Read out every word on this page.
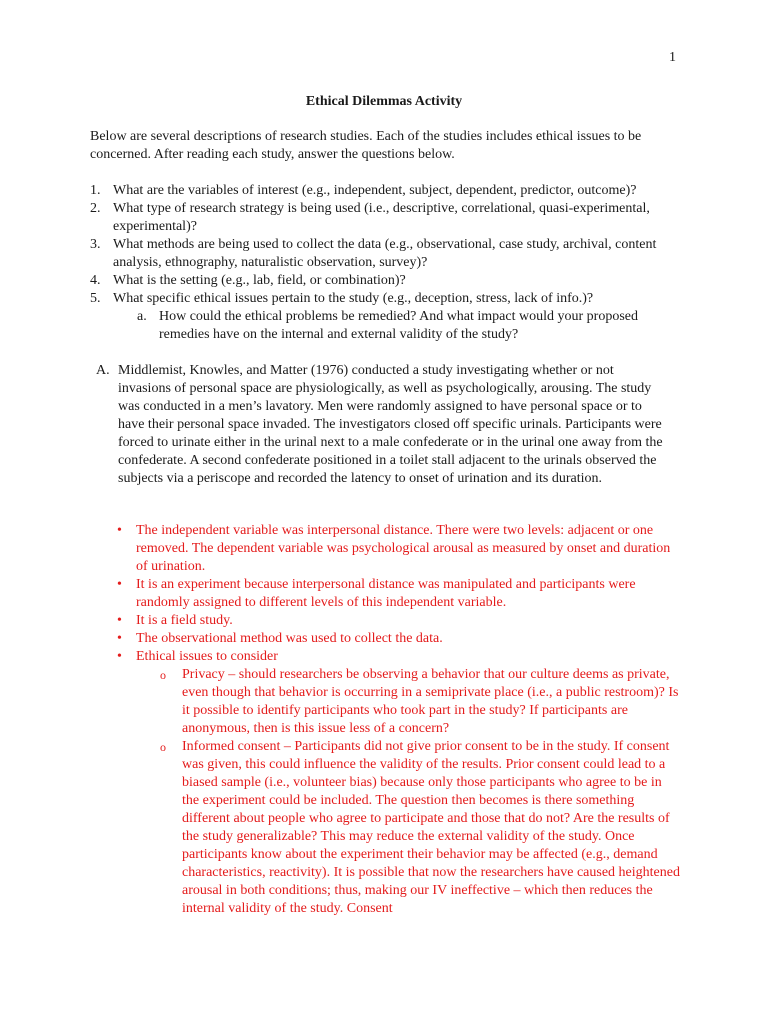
1
Ethical Dilemmas Activity

Below are several descriptions of research studies. Each of the studies includes ethical issues to be concerned. After reading each study, answer the questions below.

1. What are the variables of interest (e.g., independent, subject, dependent, predictor, outcome)?
2. What type of research strategy is being used (i.e., descriptive, correlational, quasi-experimental, experimental)?
3. What methods are being used to collect the data (e.g., observational, case study, archival, content analysis, ethnography, naturalistic observation, survey)?
4. What is the setting (e.g., lab, field, or combination)?
5. What specific ethical issues pertain to the study (e.g., deception, stress, lack of info.)?
a. How could the ethical problems be remedied? And what impact would your proposed remedies have on the internal and external validity of the study?
A. Middlemist, Knowles, and Matter (1976) conducted a study investigating whether or not invasions of personal space are physiologically, as well as psychologically, arousing. The study was conducted in a men’s lavatory. Men were randomly assigned to have personal space or to have their personal space invaded. The investigators closed off specific urinals. Participants were forced to urinate either in the urinal next to a male confederate or in the urinal one away from the confederate. A second confederate positioned in a toilet stall adjacent to the urinals observed the subjects via a periscope and recorded the latency to onset of urination and its duration.
• The independent variable was interpersonal distance. There were two levels: adjacent or one removed. The dependent variable was psychological arousal as measured by onset and duration of urination.
• It is an experiment because interpersonal distance was manipulated and participants were randomly assigned to different levels of this independent variable.
• It is a field study.
• The observational method was used to collect the data.
• Ethical issues to consider
o Privacy – should researchers be observing a behavior that our culture deems as private, even though that behavior is occurring in a semiprivate place (i.e., a public restroom)? Is it possible to identify participants who took part in the study? If participants are anonymous, then is this issue less of a concern?
o Informed consent – Participants did not give prior consent to be in the study. If consent was given, this could influence the validity of the results. Prior consent could lead to a biased sample (i.e., volunteer bias) because only those participants who agree to be in the experiment could be included. The question then becomes is there something different about people who agree to participate and those that do not? Are the results of the study generalizable? This may reduce the external validity of the study. Once participants know about the experiment their behavior may be affected (e.g., demand characteristics, reactivity). It is possible that now the researchers have caused heightened arousal in both conditions; thus, making our IV ineffective – which then reduces the internal validity of the study. Consent
